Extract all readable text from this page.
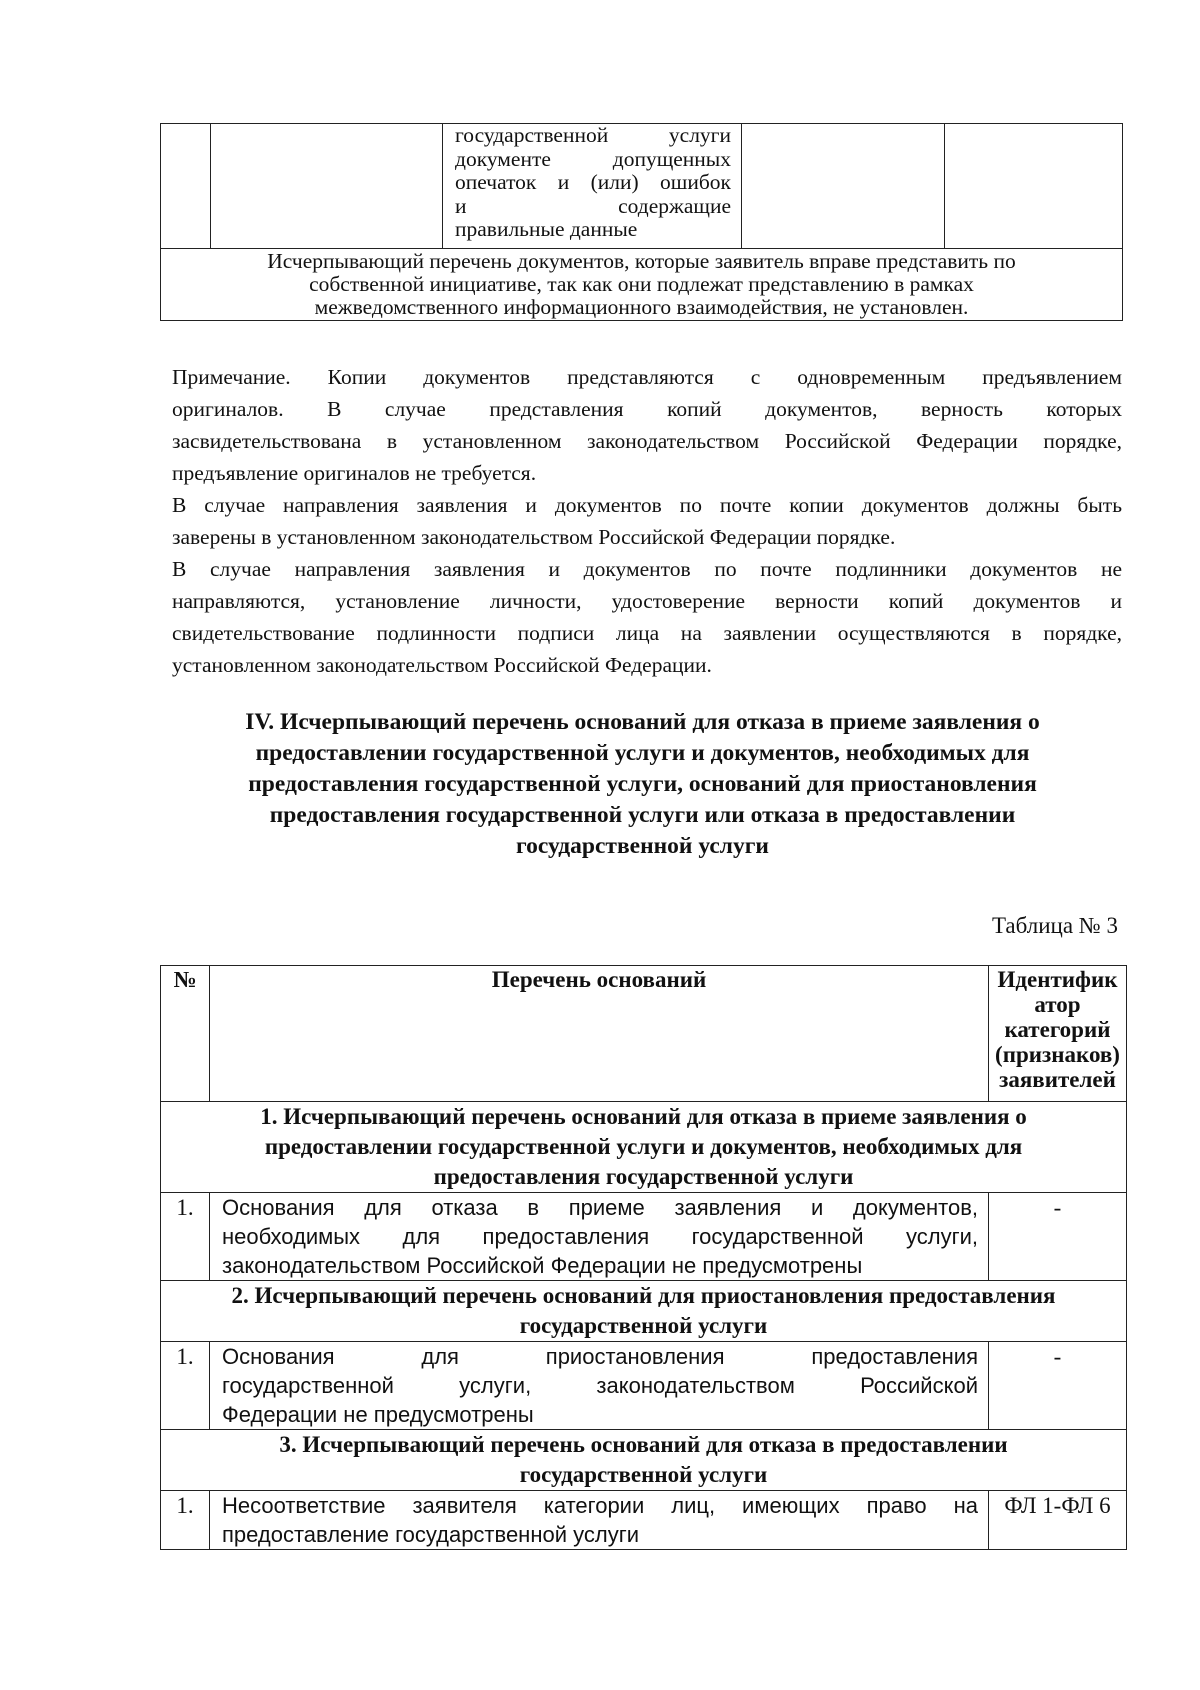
государственной услуги
документе допущенных
опечаток и (или) ошибок
и содержащие
правильные данные

Исчерпывающий перечень документов, которые заявитель вправе представить по
собственной инициативе, так как они подлежат представлению в рамках
межведомственного информационного взаимодействия, не установлен.

Примечание. Копии документов представляются с одновременным предъявлением
оригиналов. В случае представления копий документов, верность которых
засвидетельствована в установленном законодательством Российской Федерации порядке,
предъявление оригиналов не требуется.

В случае направления заявления и документов по почте копии документов должны быть
заверены в установленном законодательством Российской Федерации порядке.

В случае направления заявления и документов по почте подлинники документов не
направляются, установление личности, удостоверение верности копий документов и
свидетельствование подлинности подписи лица на заявлении осуществляются в порядке,
установленном законодательством Российской Федерации.

IV. Исчерпывающий перечень оснований для отказа в приеме заявления о
предоставлении государственной услуги и документов, необходимых для
предоставления государственной услуги, оснований для приостановления
предоставления государственной услуги или отказа в предоставлении
государственной услуги
Таблица № 3
№	Перечень оснований	Идентифик
атор
категорий
(признаков)
заявителей

1. Исчерпывающий перечень оснований для отказа в приеме заявления о
предоставлении государственной услуги и документов, необходимых для
предоставления государственной услуги		

1.	Основания для отказа в приеме заявления и документов,
необходимых для предоставления государственной услуги,
законодательством Российской Федерации не предусмотрены	-

2. Исчерпывающий перечень оснований для приостановления предоставления
государственной услуги		

1.	Основания для приостановления предоставления
государственной услуги, законодательством Российской
Федерации не предусмотрены	-

3. Исчерпывающий перечень оснований для отказа в предоставлении
государственной услуги		

1.	Несоответствие заявителя категории лиц, имеющих право на
предоставление государственной услуги	ФЛ 1-ФЛ 6
